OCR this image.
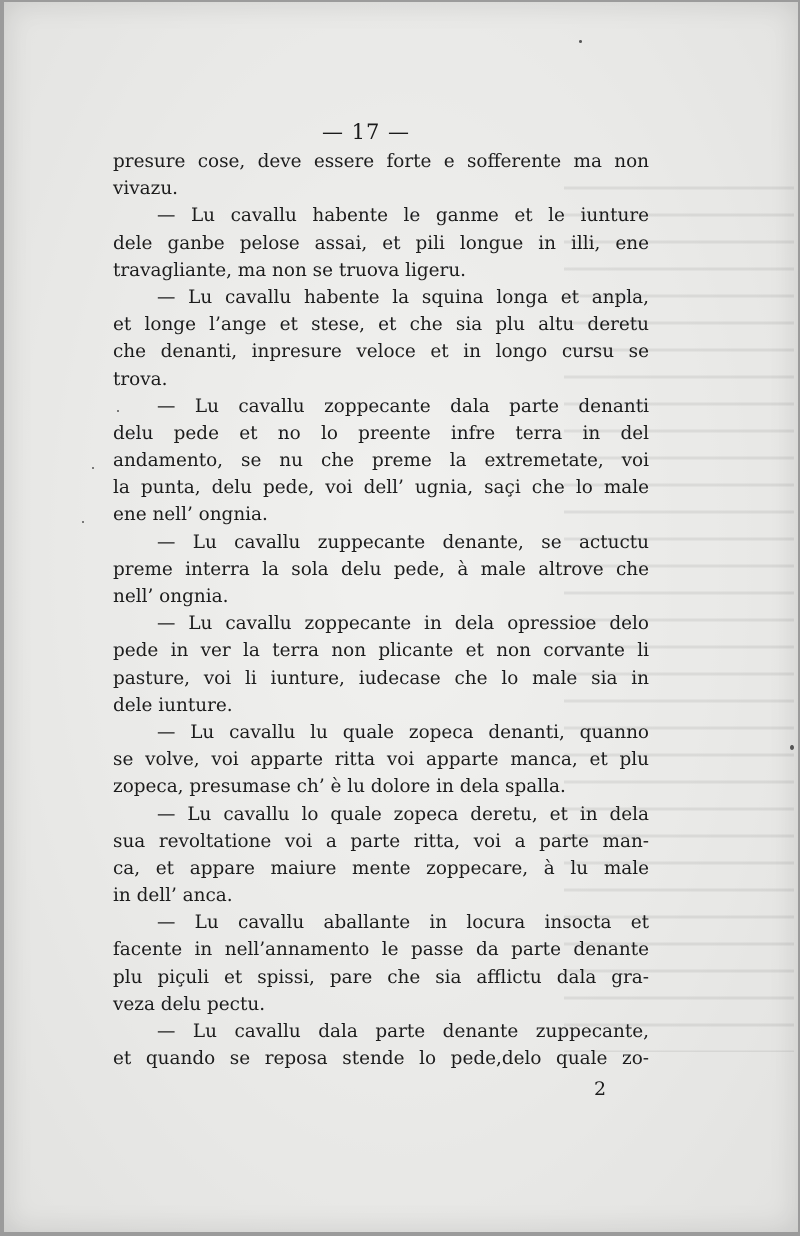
— 17 —
presure cose, deve essere forte e sofferente ma non
vivazu.
— Lu cavallu habente le ganme et le iunture
dele ganbe pelose assai, et pili longue in illi, ene
travagliante, ma non se truova ligeru.
— Lu cavallu habente la squina longa et anpla,
et longe l’ange et stese, et che sia plu altu deretu
che denanti, inpresure veloce et in longo cursu se
trova.
— Lu cavallu zoppecante dala parte denanti
delu pede et no lo preente infre terra in del
andamento, se nu che preme la extremetate, voi
la punta, delu pede, voi dell’ ugnia, saçi che lo male
ene nell’ ongnia.
— Lu cavallu zuppecante denante, se actuctu
preme interra la sola delu pede, à male altrove che
nell’ ongnia.
— Lu cavallu zoppecante in dela opressioe delo
pede in ver la terra non plicante et non corvante li
pasture, voi li iunture, iudecase che lo male sia in
dele iunture.
— Lu cavallu lu quale zopeca denanti, quanno
se volve, voi apparte ritta voi apparte manca, et plu
zopeca, presumase ch’ è lu dolore in dela spalla.
— Lu cavallu lo quale zopeca deretu, et in dela
sua revoltatione voi a parte ritta, voi a parte man-
ca, et appare maiure mente zoppecare, à lu male
in dell’ anca.
— Lu cavallu aballante in locura insocta et
facente in nell’annamento le passe da parte denante
plu piçuli et spissi, pare che sia afflictu dala gra-
veza delu pectu.
— Lu cavallu dala parte denante zuppecante,
et quando se reposa stende lo pede,delo quale zo-
2
